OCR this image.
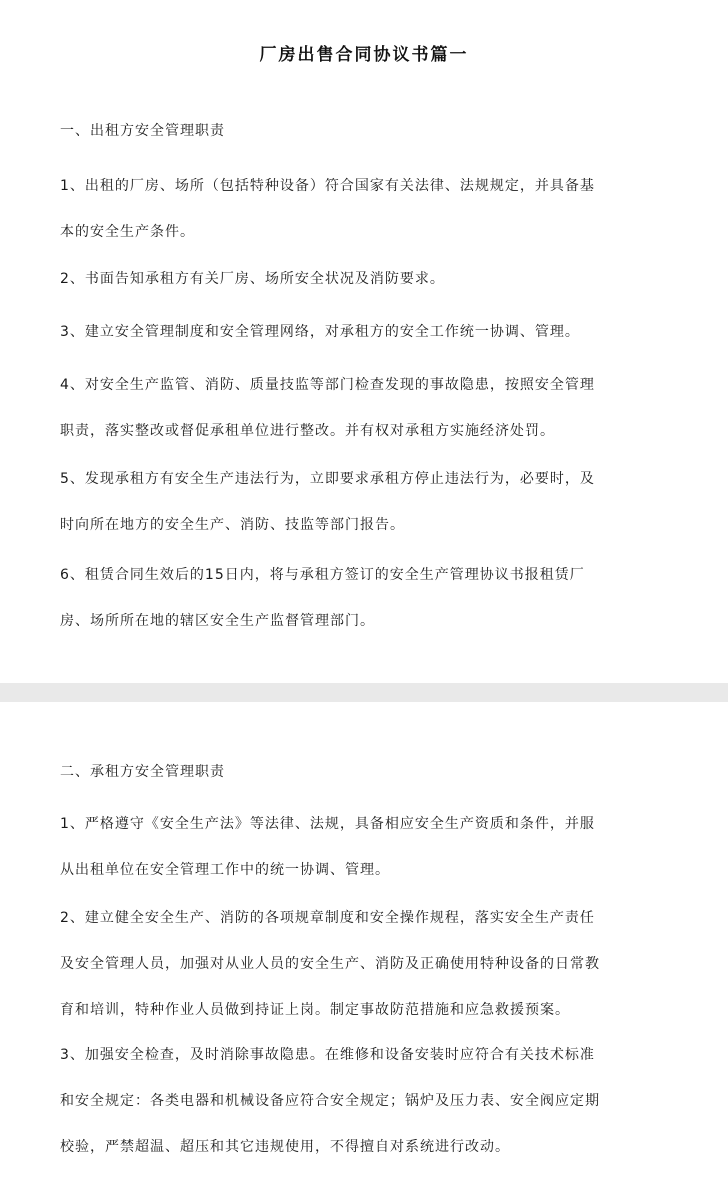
厂房出售合同协议书篇一
一、出租方安全管理职责
1、出租的厂房、场所（包括特种设备）符合国家有关法律、法规规定，并具备基
本的安全生产条件。
2、书面告知承租方有关厂房、场所安全状况及消防要求。
3、建立安全管理制度和安全管理网络，对承租方的安全工作统一协调、管理。
4、对安全生产监管、消防、质量技监等部门检查发现的事故隐患，按照安全管理
职责，落实整改或督促承租单位进行整改。并有权对承租方实施经济处罚。
5、发现承租方有安全生产违法行为，立即要求承租方停止违法行为，必要时，及
时向所在地方的安全生产、消防、技监等部门报告。
6、租赁合同生效后的15日内，将与承租方签订的安全生产管理协议书报租赁厂
房、场所所在地的辖区安全生产监督管理部门。
二、承租方安全管理职责
1、严格遵守《安全生产法》等法律、法规，具备相应安全生产资质和条件，并服
从出租单位在安全管理工作中的统一协调、管理。
2、建立健全安全生产、消防的各项规章制度和安全操作规程，落实安全生产责任
及安全管理人员，加强对从业人员的安全生产、消防及正确使用特种设备的日常教
育和培训，特种作业人员做到持证上岗。制定事故防范措施和应急救援预案。
3、加强安全检查，及时消除事故隐患。在维修和设备安装时应符合有关技术标准
和安全规定：各类电器和机械设备应符合安全规定；锅炉及压力表、安全阀应定期
校验，严禁超温、超压和其它违规使用，不得擅自对系统进行改动。
